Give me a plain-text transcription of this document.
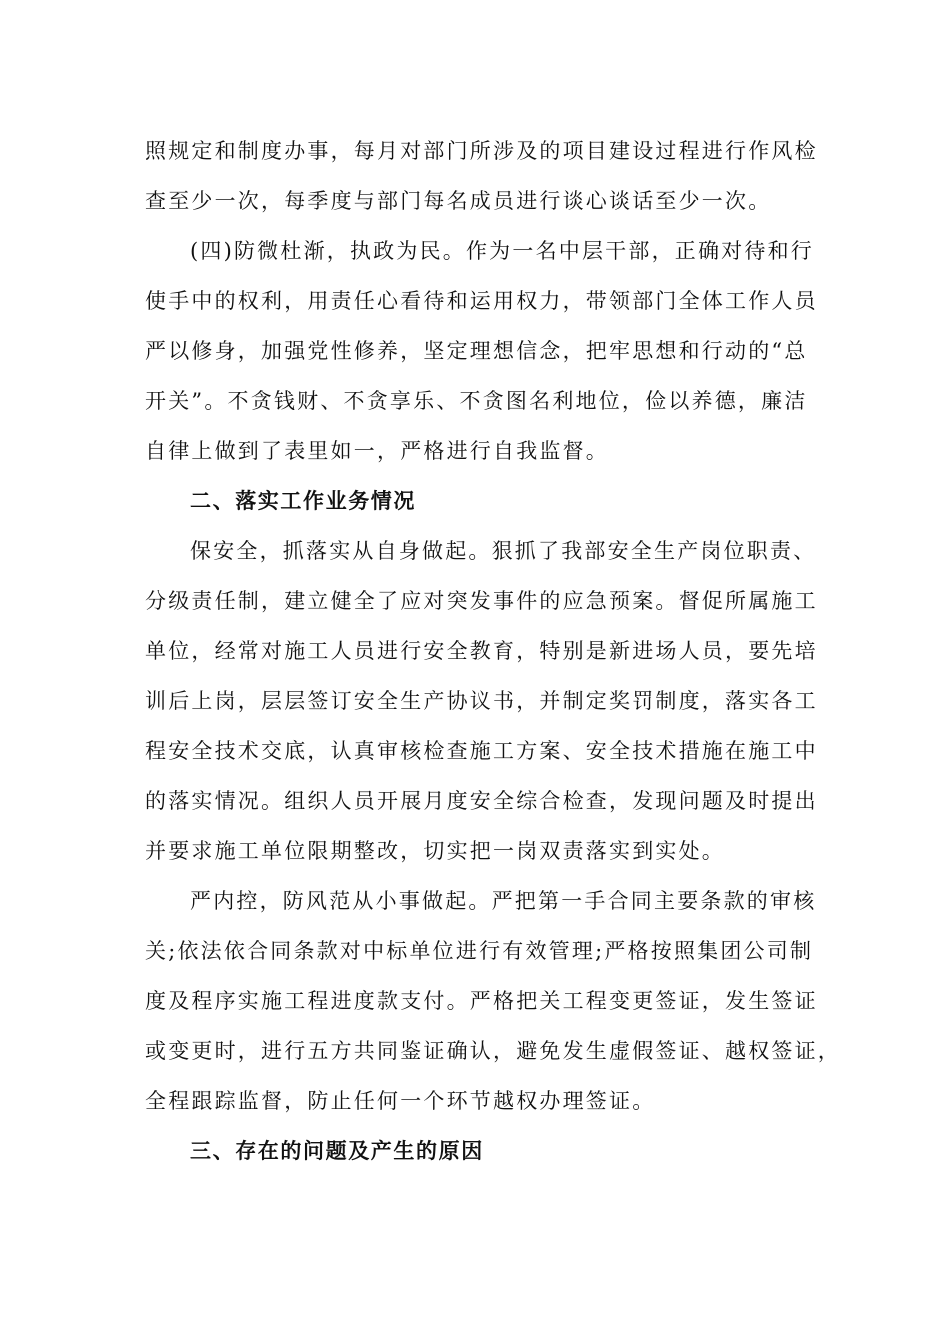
照规定和制度办事，每月对部门所涉及的项目建设过程进行作风检
查至少一次，每季度与部门每名成员进行谈心谈话至少一次。
(四)防微杜渐，执政为民。作为一名中层干部，正确对待和行
使手中的权利，用责任心看待和运用权力，带领部门全体工作人员
严以修身，加强党性修养，坚定理想信念，把牢思想和行动的“总
开关”。不贪钱财、不贪享乐、不贪图名利地位，俭以养德，廉洁
自律上做到了表里如一，严格进行自我监督。
二、落实工作业务情况
保安全，抓落实从自身做起。狠抓了我部安全生产岗位职责、
分级责任制，建立健全了应对突发事件的应急预案。督促所属施工
单位，经常对施工人员进行安全教育，特别是新进场人员，要先培
训后上岗，层层签订安全生产协议书，并制定奖罚制度，落实各工
程安全技术交底，认真审核检查施工方案、安全技术措施在施工中
的落实情况。组织人员开展月度安全综合检查，发现问题及时提出
并要求施工单位限期整改，切实把一岗双责落实到实处。
严内控，防风范从小事做起。严把第一手合同主要条款的审核
关;依法依合同条款对中标单位进行有效管理;严格按照集团公司制
度及程序实施工程进度款支付。严格把关工程变更签证，发生签证
或变更时，进行五方共同鉴证确认，避免发生虚假签证、越权签证，
全程跟踪监督，防止任何一个环节越权办理签证。
三、存在的问题及产生的原因
